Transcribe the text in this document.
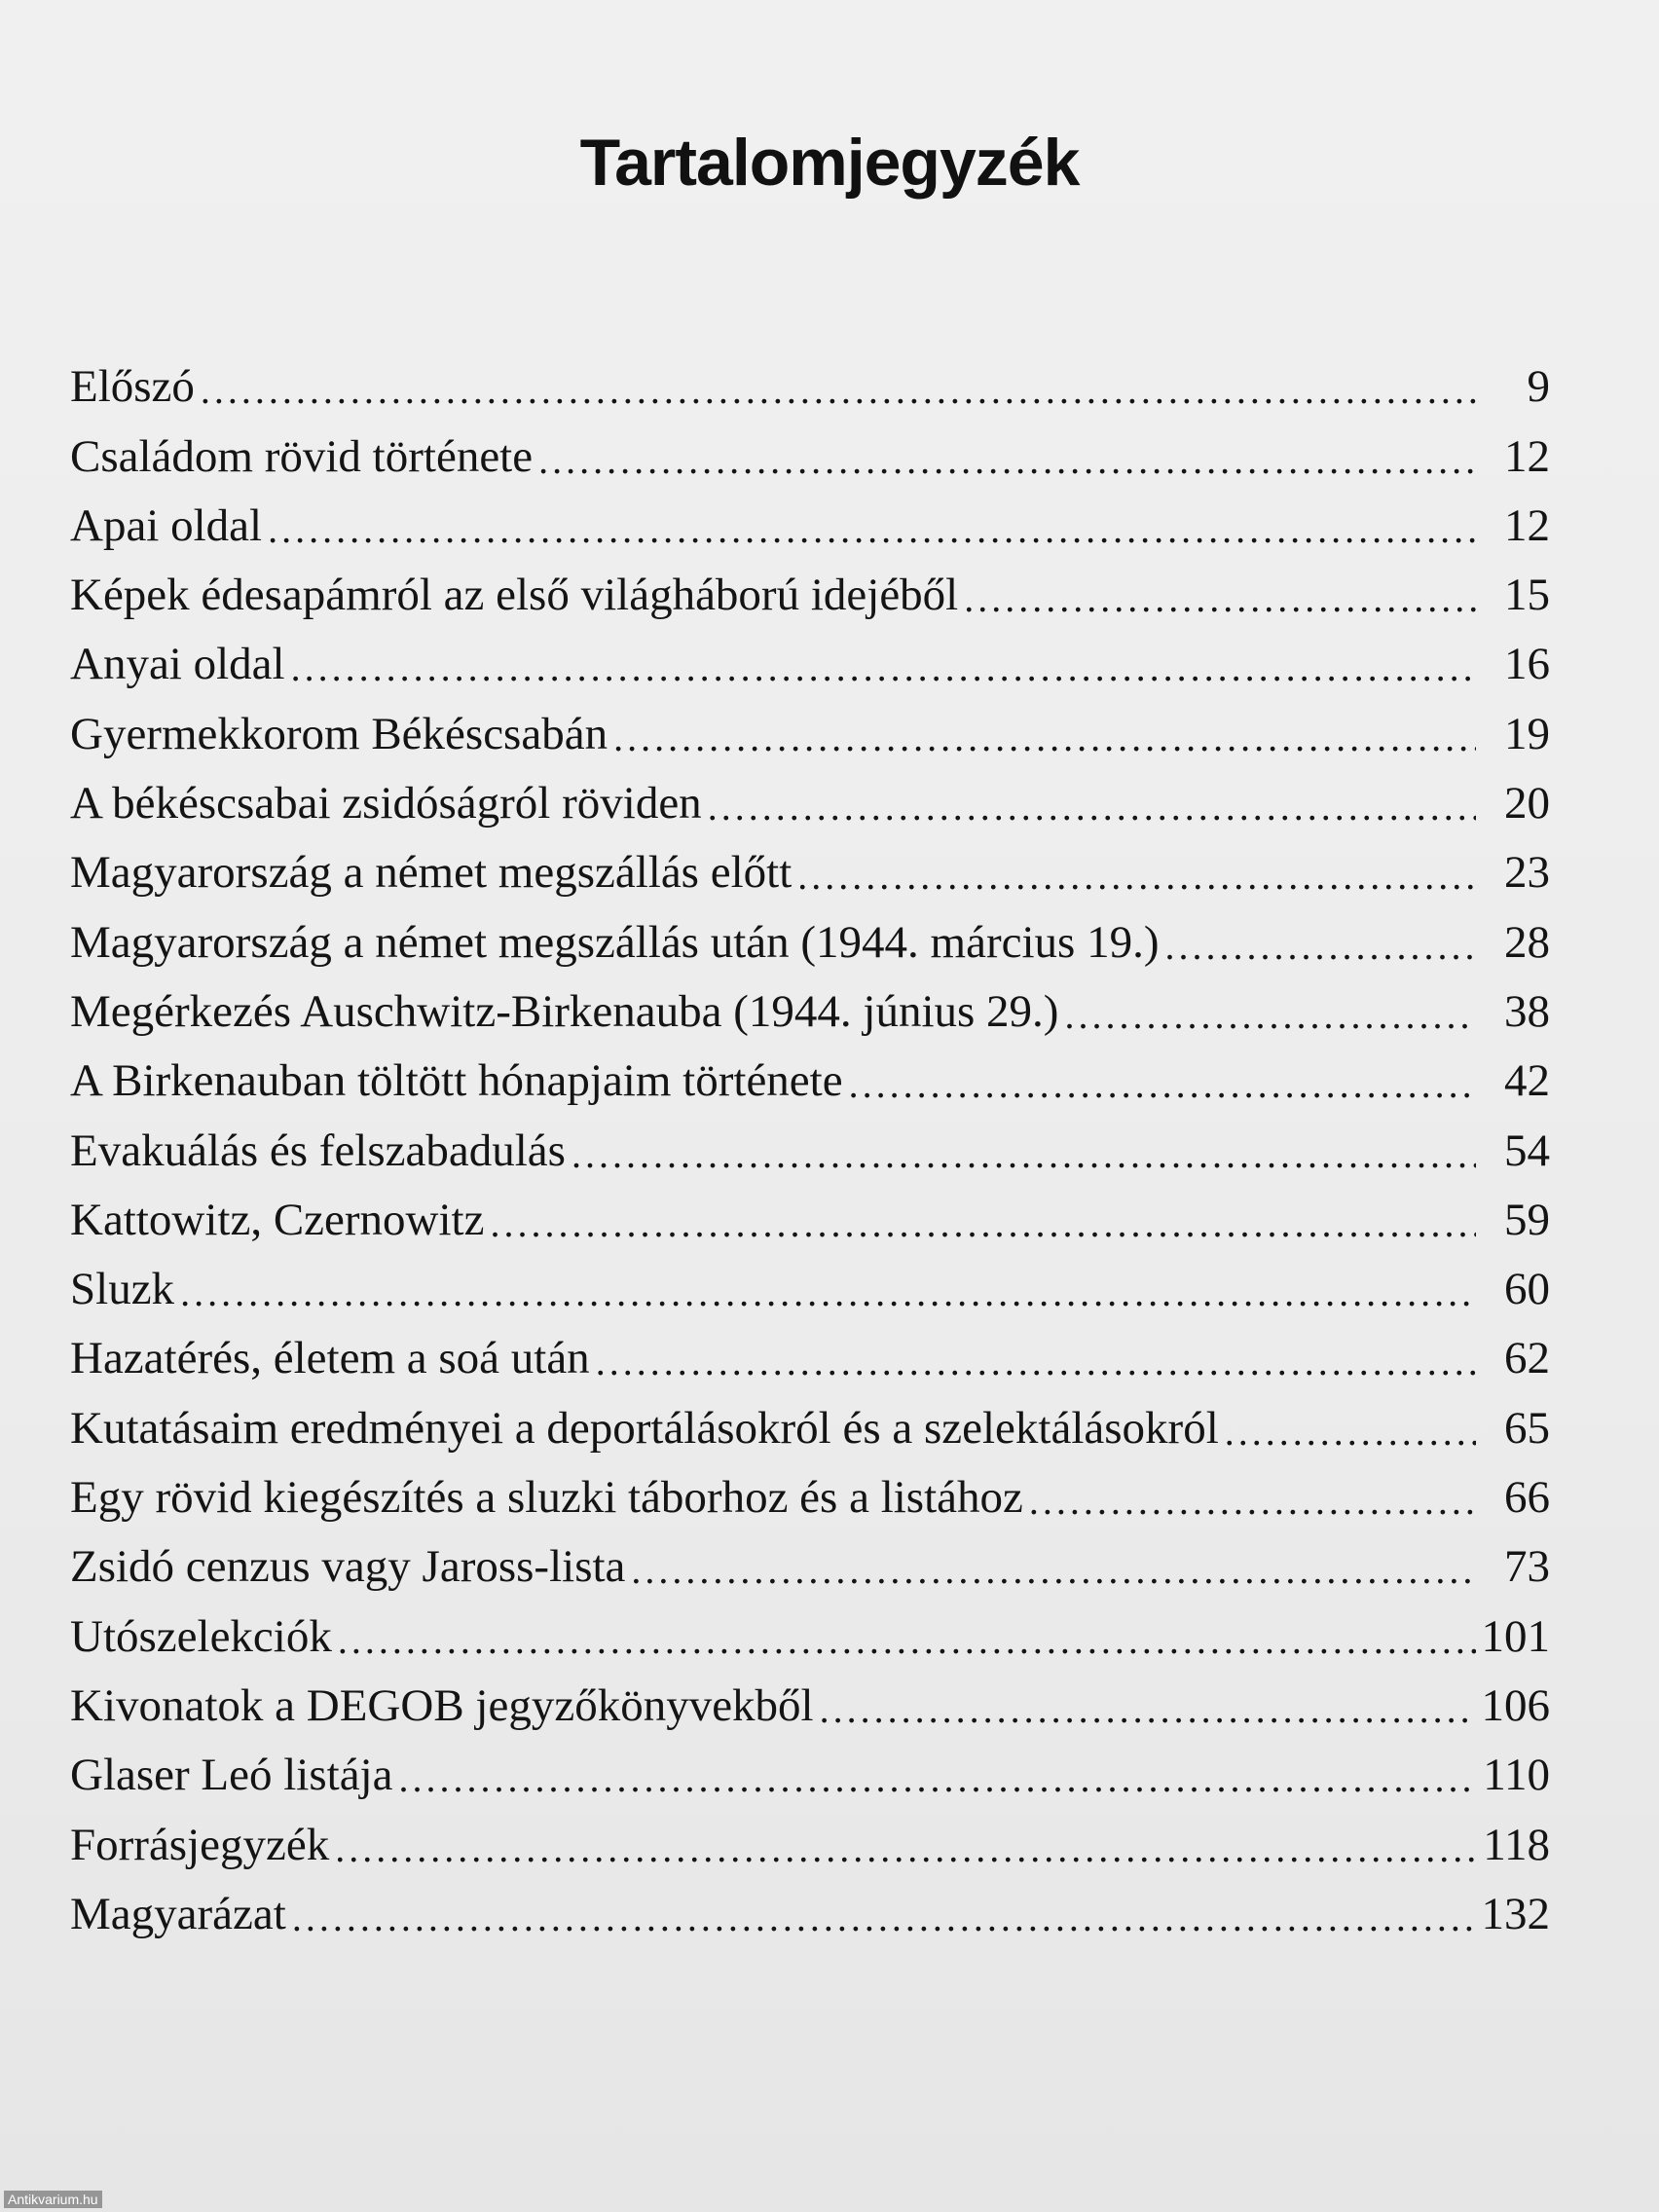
Tartalomjegyzék
Előszó .....	9
Családom rövid története .....	12
Apai oldal .....	12
Képek édesapámról az első világháború idejéből .....	15
Anyai oldal .....	16
Gyermekkorom Békéscsabán .....	19
A békéscsabai zsidóságról röviden .....	20
Magyarország a német megszállás előtt .....	23
Magyarország a német megszállás után (1944. március 19.) .....	28
Megérkezés Auschwitz-Birkenauba (1944. június 29.) .....	38
A Birkenauban töltött hónapjaim története .....	42
Evakuálás és felszabadulás .....	54
Kattowitz, Czernowitz .....	59
Sluzk .....	60
Hazatérés, életem a soá után .....	62
Kutatásaim eredményei a deportálásokról és a szelektálásokról .....	65
Egy rövid kiegészítés a sluzki táborhoz és a listához .....	66
Zsidó cenzus vagy Jaross-lista .....	73
Utószelekciók .....	101
Kivonatok a DEGOB jegyzőkönyvekből .....	106
Glaser Leó listája .....	110
Forrásjegyzék .....	118
Magyarázat .....	132
Antikvarium.hu
